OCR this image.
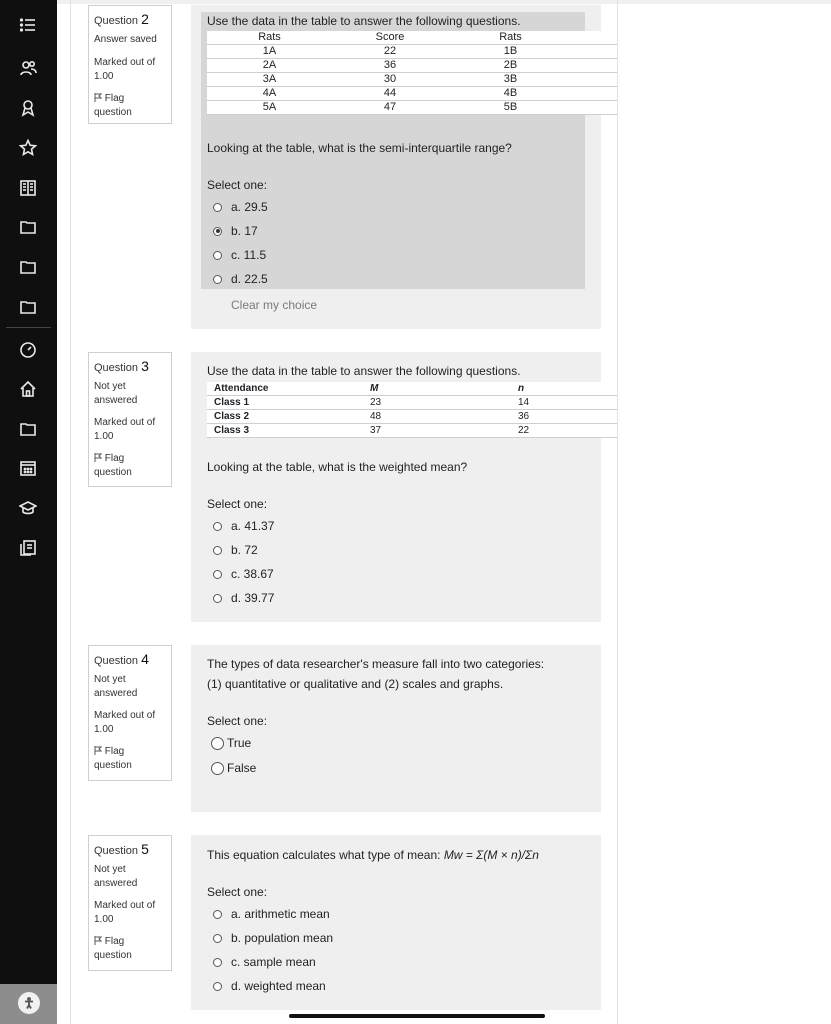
Question 2
Answer saved
Marked out of 1.00
Flag question
Use the data in the table to answer the following questions.
Rats	Score	Rats	
1A	22	1B	
2A	36	2B	
3A	30	3B	
4A	44	4B	
5A	47	5B	
Looking at the table, what is the semi-interquartile range?
Select one:
a. 29.5
b. 17
c. 11.5
d. 22.5
Clear my choice
Question 3
Not yet answered
Marked out of 1.00
Flag question
Use the data in the table to answer the following questions.
Attendance	M	n
Class 1	23	14
Class 2	48	36
Class 3	37	22
Looking at the table, what is the weighted mean?
Select one:
a. 41.37
b. 72
c. 38.67
d. 39.77
Question 4
Not yet answered
Marked out of 1.00
Flag question
The types of data researcher's measure fall into two categories:
(1) quantitative or qualitative and (2) scales and graphs.
Select one:
True
False
Question 5
Not yet answered
Marked out of 1.00
Flag question
This equation calculates what type of mean: Mw = Σ(M × n)/Σn
Select one:
a. arithmetic mean
b. population mean
c. sample mean
d. weighted mean
